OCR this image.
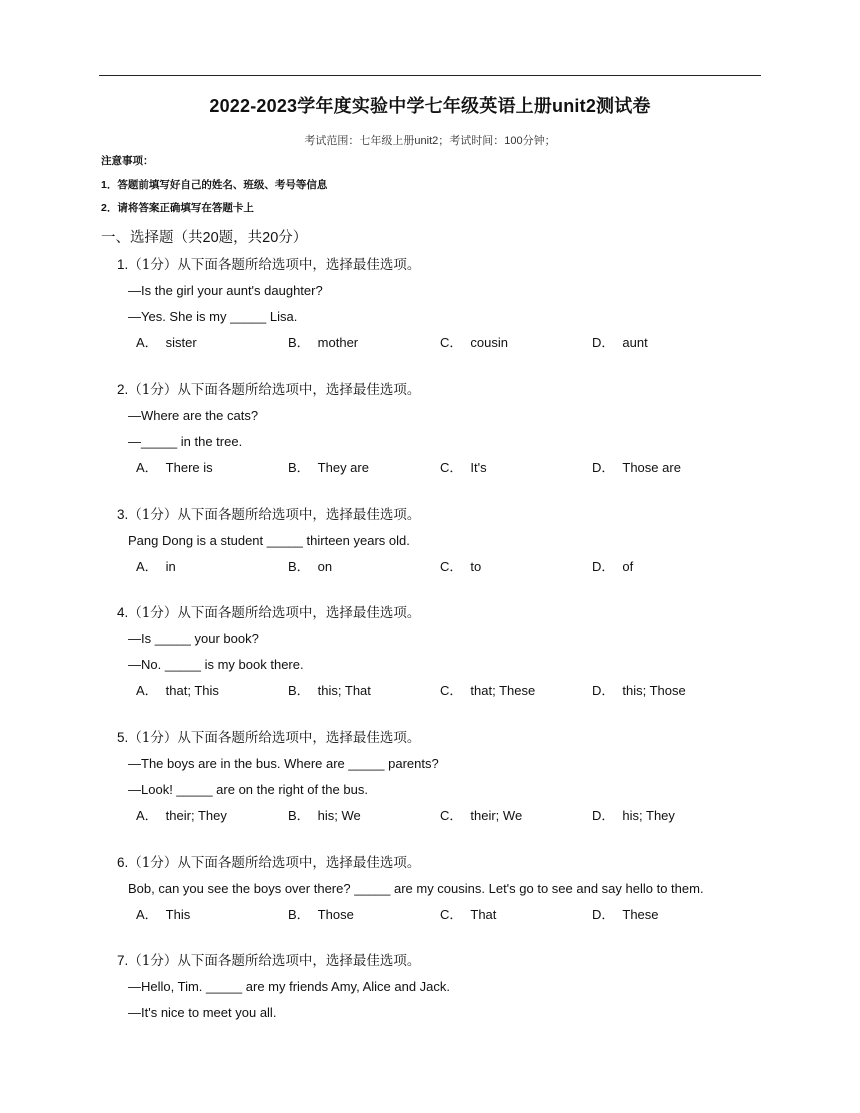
2022-2023学年度实验中学七年级英语上册unit2测试卷
考试范围：七年级上册unit2；考试时间：100分钟；
注意事项：
1．答题前填写好自己的姓名、班级、考号等信息
2．请将答案正确填写在答题卡上
一、选择题（共20题，共20分）
1.（1分）从下面各题所给选项中，选择最佳选项。
—Is the girl your aunt's daughter?
—Yes. She is my _____ Lisa.
A． sister	B． mother	C． cousin	D． aunt
2.（1分）从下面各题所给选项中，选择最佳选项。
—Where are the cats?
—_____ in the tree.
A． There is	B． They are	C． It's	D． Those are
3.（1分）从下面各题所给选项中，选择最佳选项。
Pang Dong is a student _____ thirteen years old.
A． in	B． on	C． to	D． of
4.（1分）从下面各题所给选项中，选择最佳选项。
—Is _____ your book?
—No. _____ is my book there.
A． that; This	B． this; That	C． that; These	D． this; Those
5.（1分）从下面各题所给选项中，选择最佳选项。
—The boys are in the bus. Where are _____ parents?
—Look! _____ are on the right of the bus.
A． their; They	B． his; We	C． their; We	D． his; They
6.（1分）从下面各题所给选项中，选择最佳选项。
Bob, can you see the boys over there? _____ are my cousins. Let's go to see and say hello to them.
A． This	B． Those	C． That	D． These
7.（1分）从下面各题所给选项中，选择最佳选项。
—Hello, Tim. _____ are my friends Amy, Alice and Jack.
—It's nice to meet you all.
